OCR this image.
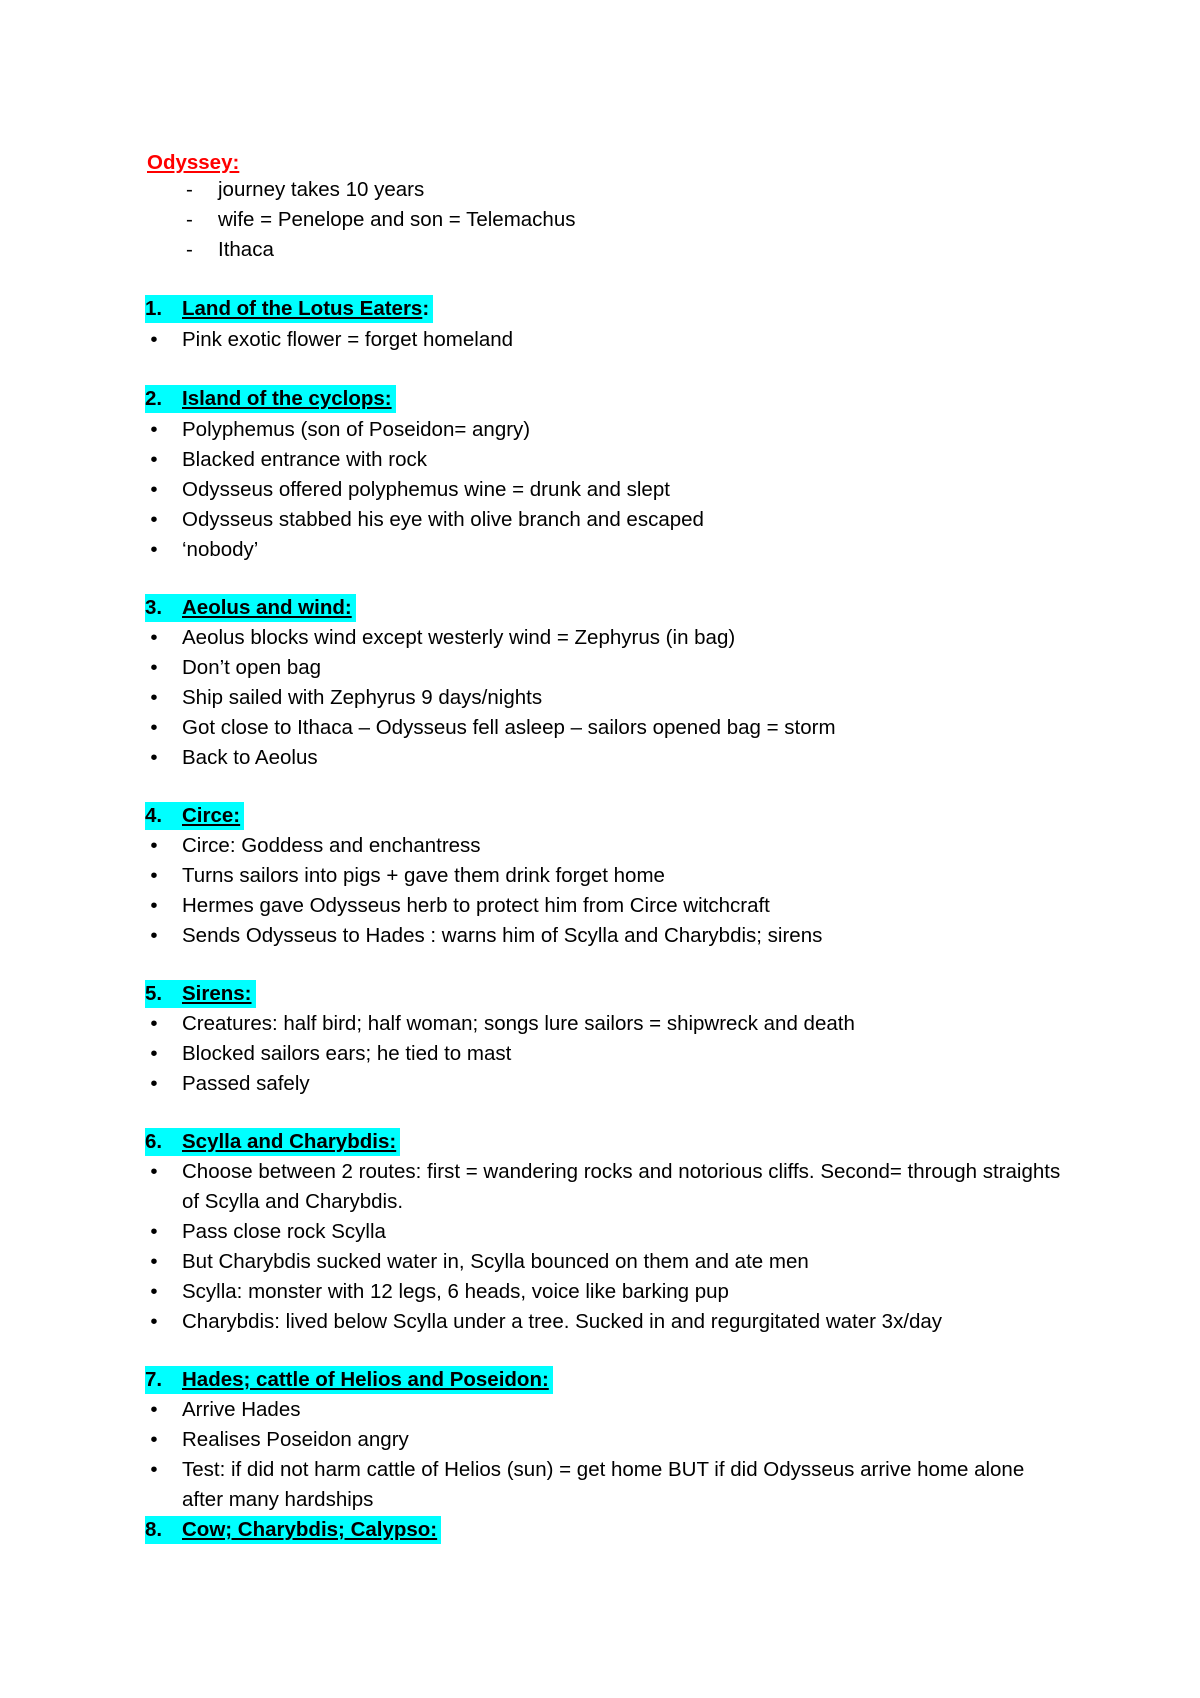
Odyssey:
- journey takes 10 years
- wife = Penelope and son = Telemachus
- Ithaca
1. Land of the Lotus Eaters:
• Pink exotic flower = forget homeland
2. Island of the cyclops:
• Polyphemus (son of Poseidon= angry)
• Blacked entrance with rock
• Odysseus offered polyphemus wine = drunk and slept
• Odysseus stabbed his eye with olive branch and escaped
• ‘nobody’
3. Aeolus and wind:
• Aeolus blocks wind except westerly wind = Zephyrus (in bag)
• Don’t open bag
• Ship sailed with Zephyrus 9 days/nights
• Got close to Ithaca – Odysseus fell asleep – sailors opened bag = storm
• Back to Aeolus
4. Circe:
• Circe: Goddess and enchantress
• Turns sailors into pigs + gave them drink forget home
• Hermes gave Odysseus herb to protect him from Circe witchcraft
• Sends Odysseus to Hades : warns him of Scylla and Charybdis; sirens
5. Sirens:
• Creatures: half bird; half woman; songs lure sailors = shipwreck and death
• Blocked sailors ears; he tied to mast
• Passed safely
6. Scylla and Charybdis:
• Choose between 2 routes: first = wandering rocks and notorious cliffs. Second= through straights of Scylla and Charybdis.
• Pass close rock Scylla
• But Charybdis sucked water in, Scylla bounced on them and ate men
• Scylla: monster with 12 legs, 6 heads, voice like barking pup
• Charybdis: lived below Scylla under a tree. Sucked in and regurgitated water 3x/day
7. Hades; cattle of Helios and Poseidon:
• Arrive Hades
• Realises Poseidon angry
• Test: if did not harm cattle of Helios (sun) = get home BUT if did Odysseus arrive home alone after many hardships
8. Cow; Charybdis; Calypso:
